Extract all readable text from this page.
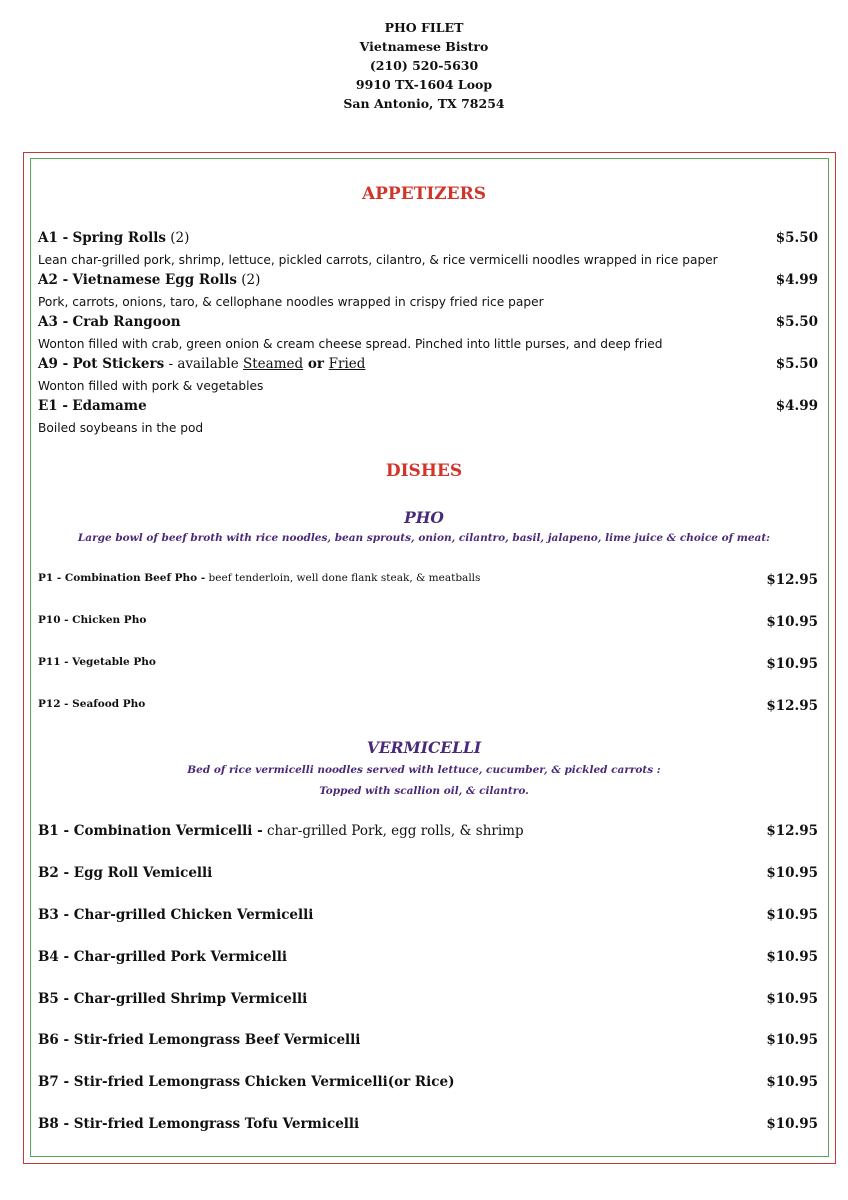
PHO FILET
Vietnamese Bistro
(210) 520-5630
9910 TX-1604 Loop
San Antonio, TX 78254
APPETIZERS
A1 - Spring Rolls (2)	$5.50
Lean char-grilled pork, shrimp, lettuce, pickled carrots, cilantro, & rice vermicelli noodles wrapped in rice paper
A2 - Vietnamese Egg Rolls (2)	$4.99
Pork, carrots, onions, taro, & cellophane noodles wrapped in crispy fried rice paper
A3 - Crab Rangoon	$5.50
Wonton filled with crab, green onion & cream cheese spread. Pinched into little purses, and deep fried
A9 - Pot Stickers - available Steamed or Fried	$5.50
Wonton filled with pork & vegetables
E1 - Edamame	$4.99
Boiled soybeans in the pod
DISHES
PHO
Large bowl of beef broth with rice noodles, bean sprouts, onion, cilantro, basil, jalapeno, lime juice & choice of meat:
P1 - Combination Beef Pho - beef tenderloin, well done flank steak, & meatballs	$12.95
P10 - Chicken Pho	$10.95
P11 - Vegetable Pho	$10.95
P12 - Seafood Pho	$12.95
VERMICELLI
Bed of rice vermicelli noodles served with lettuce, cucumber, & pickled carrots :
Topped with scallion oil, & cilantro.
B1 - Combination Vermicelli - char-grilled Pork, egg rolls, & shrimp	$12.95
B2 - Egg Roll Vemicelli	$10.95
B3 - Char-grilled Chicken Vermicelli	$10.95
B4 - Char-grilled Pork Vermicelli	$10.95
B5 - Char-grilled Shrimp Vermicelli	$10.95
B6 - Stir-fried Lemongrass Beef Vermicelli	$10.95
B7 - Stir-fried Lemongrass Chicken Vermicelli(or Rice)	$10.95
B8 - Stir-fried Lemongrass Tofu Vermicelli	$10.95
